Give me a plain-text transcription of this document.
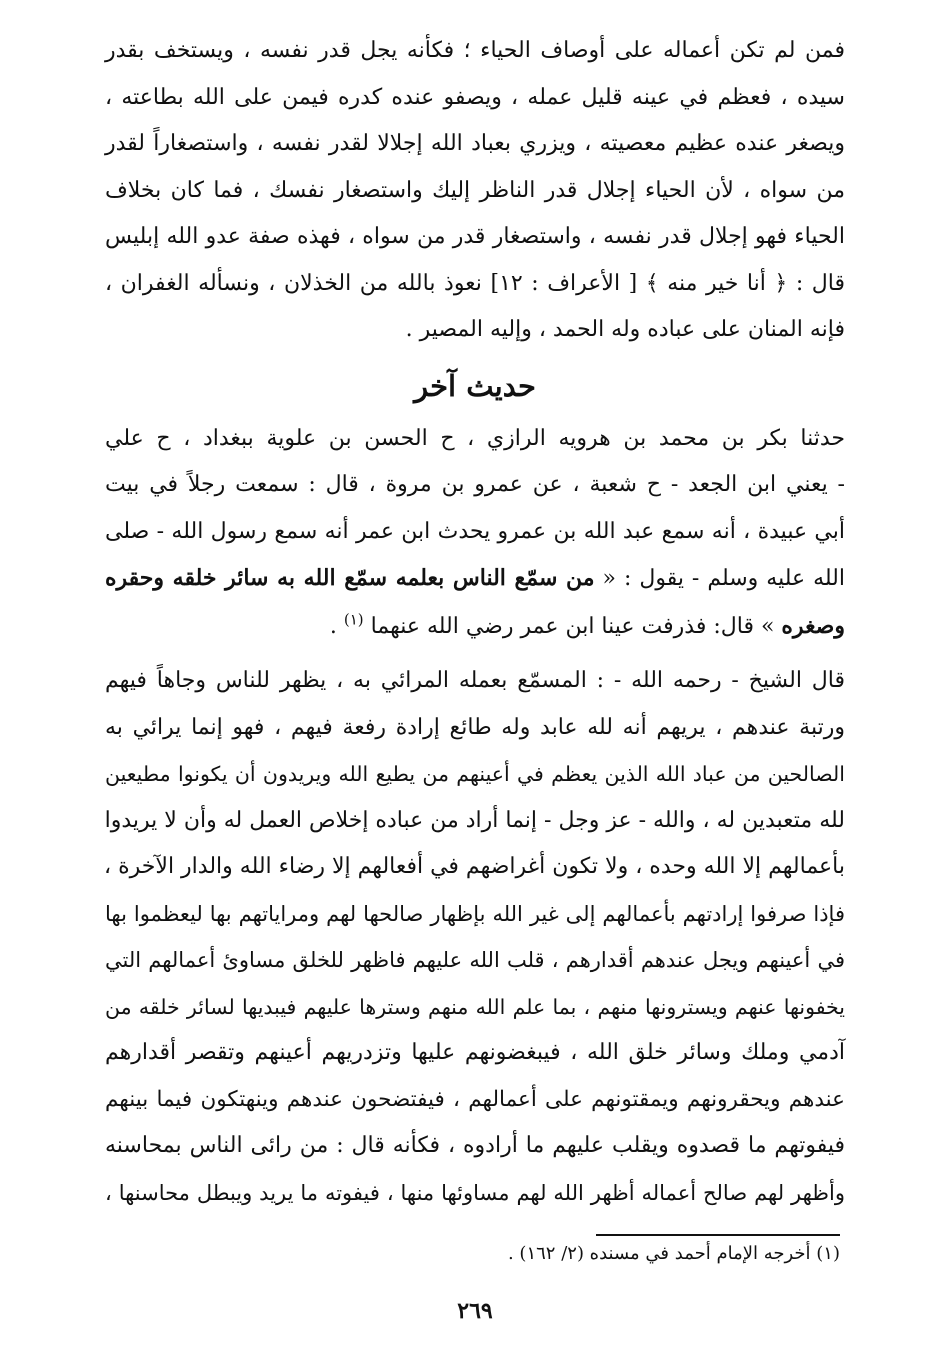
فمن لم تكن أعماله على أوصاف الحياء ؛ فكأنه يجل قدر نفسه ، ويستخف بقدر
سيده ، فعظم في عينه قليل عمله ، ويصفو عنده كدره فيمن على الله بطاعته ،
ويصغر عنده عظيم معصيته ، ويزري بعباد الله إجلالا لقدر نفسه ، واستصغاراً لقدر
من سواه ، لأن الحياء إجلال قدر الناظر إليك واستصغار نفسك ، فما كان بخلاف
الحياء فهو إجلال قدر نفسه ، واستصغار قدر من سواه ، فهذه صفة عدو الله إبليس
قال : ﴿ أنا خير منه ﴾ [ الأعراف : ١٢] نعوذ بالله من الخذلان ، ونسأله الغفران ،
فإنه المنان على عباده وله الحمد ، وإليه المصير .
حديث آخر
حدثنا بكر بن محمد بن هرويه الرازي ، ح الحسن بن علوية ببغداد ، ح علي
- يعني ابن الجعد - ح شعبة ، عن عمرو بن مروة ، قال : سمعت رجلاً في بيت
أبي عبيدة ، أنه سمع عبد الله بن عمرو يحدث ابن عمر أنه سمع رسول الله - صلى
الله عليه وسلم - يقول : « من سمّع الناس بعلمه سمّع الله به سائر خلقه وحقره
وصغره » قال: فذرفت عينا ابن عمر رضي الله عنهما $^{(١)}$ .
قال الشيخ - رحمه الله - : المسمّع بعمله المرائي به ، يظهر للناس وجاهاً فيهم
ورتبة عندهم ، يريهم أنه لله عابد وله طائع إرادة رفعة فيهم ، فهو إنما يرائي به
الصالحين من عباد الله الذين يعظم في أعينهم من يطيع الله ويريدون أن يكونوا مطيعين
لله متعبدين له ، والله - عز وجل - إنما أراد من عباده إخلاص العمل له وأن لا يريدوا
بأعمالهم إلا الله وحده ، ولا تكون أغراضهم في أفعالهم إلا رضاء الله والدار الآخرة ،
فإذا صرفوا إرادتهم بأعمالهم إلى غير الله بإظهار صالحها لهم ومراياتهم بها ليعظموا بها
في أعينهم ويجل عندهم أقدارهم ، قلب الله عليهم فاظهر للخلق مساوئ أعمالهم التي
يخفونها عنهم ويسترونها منهم ، بما علم الله منهم وسترها عليهم فيبديها لسائر خلقه من
آدمي وملك وسائر خلق الله ، فيبغضونهم عليها وتزدريهم أعينهم وتقصر أقدارهم
عندهم ويحقرونهم ويمقتونهم على أعمالهم ، فيفتضحون عندهم وينهتكون فيما بينهم
فيفوتهم ما قصدوه ويقلب عليهم ما أرادوه ، فكأنه قال : من رائى الناس بمحاسنه
وأظهر لهم صالح أعماله أظهر الله لهم مساوئها منها ، فيفوته ما يريد ويبطل محاسنها ،
(١) أخرجه الإمام أحمد في مسنده (٢/ ١٦٢) .
٢٦٩
